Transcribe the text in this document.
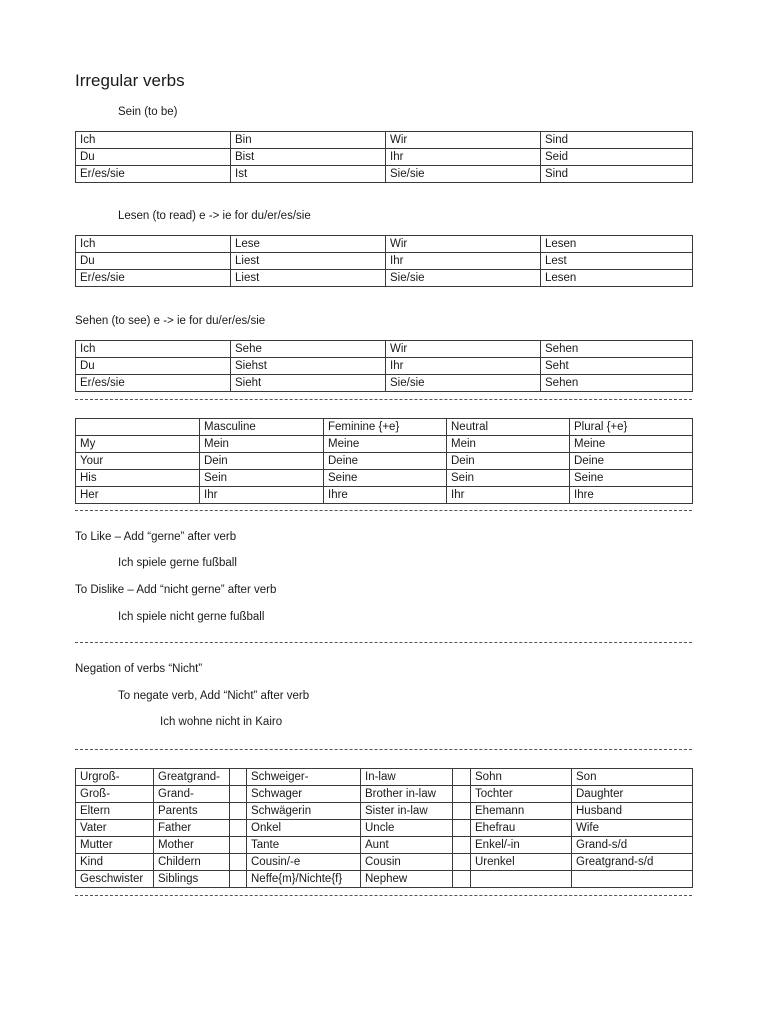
Irregular verbs
Sein (to be)
Ich	Bin	Wir	Sind
Du	Bist	Ihr	Seid
Er/es/sie	Ist	Sie/sie	Sind
Lesen (to read) e -> ie for du/er/es/sie
Ich	Lese	Wir	Lesen
Du	Liest	Ihr	Lest
Er/es/sie	Liest	Sie/sie	Lesen
Sehen (to see) e -> ie for du/er/es/sie
Ich	Sehe	Wir	Sehen
Du	Siehst	Ihr	Seht
Er/es/sie	Sieht	Sie/sie	Sehen
	Masculine	Feminine {+e}	Neutral	Plural {+e}
My	Mein	Meine	Mein	Meine
Your	Dein	Deine	Dein	Deine
His	Sein	Seine	Sein	Seine
Her	Ihr	Ihre	Ihr	Ihre
To Like – Add “gerne” after verb
Ich spiele gerne fußball
To Dislike – Add “nicht gerne” after verb
Ich spiele nicht gerne fußball
Negation of verbs “Nicht”
To negate verb, Add “Nicht” after verb
Ich wohne nicht in Kairo
Urgroß-	Greatgrand-		Schweiger-	In-law		Sohn	Son
Groß-	Grand-		Schwager	Brother in-law		Tochter	Daughter
Eltern	Parents		Schwägerin	Sister in-law		Ehemann	Husband
Vater	Father		Onkel	Uncle		Ehefrau	Wife
Mutter	Mother		Tante	Aunt		Enkel/-in	Grand-s/d
Kind	Childern		Cousin/-e	Cousin		Urenkel	Greatgrand-s/d
Geschwister	Siblings		Neffe{m}/Nichte{f}	Nephew			
